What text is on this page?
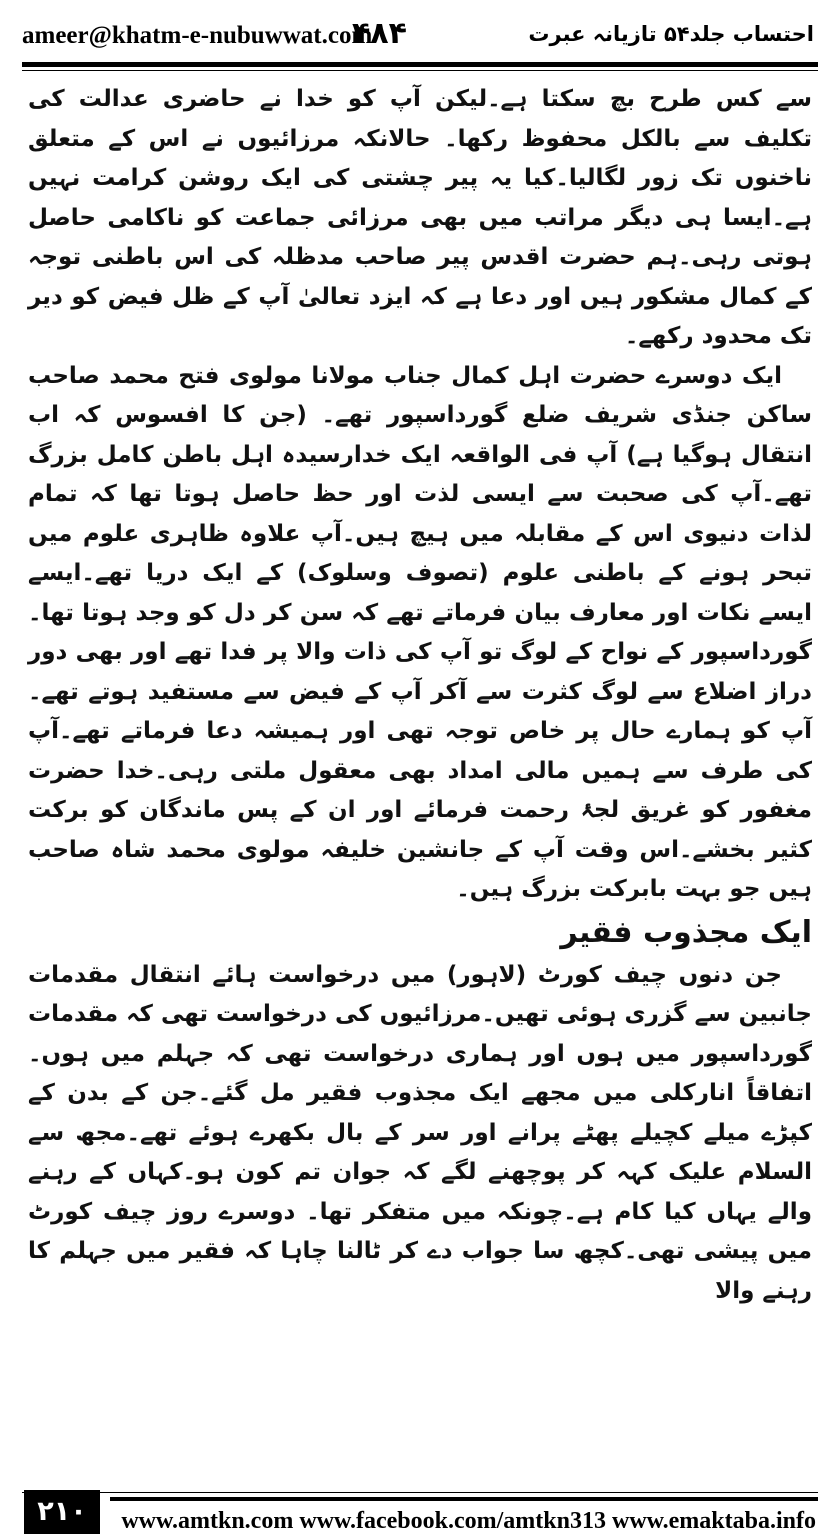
ameer@khatm-e-nubuwwat.com
۴۸۴	احتساب جلد۵۴ تازیانہ عبرت

سے کس طرح بچ سکتا ہے۔لیکن آپ کو خدا نے حاضری عدالت کی تکلیف سے بالکل محفوظ رکھا۔ حالانکہ مرزائیوں نے اس کے متعلق ناخنوں تک زور لگالیا۔کیا یہ پیر چشتی کی ایک روشن کرامت نہیں ہے۔ایسا ہی دیگر مراتب میں بھی مرزائی جماعت کو ناکامی حاصل ہوتی رہی۔ہم حضرت اقدس پیر صاحب مدظلہ کی اس باطنی توجہ کے کمال مشکور ہیں اور دعا ہے کہ ایزد تعالیٰ آپ کے ظل فیض کو دیر تک محدود رکھے۔

ایک دوسرے حضرت اہل کمال جناب مولانا مولوی فتح محمد صاحب ساکن جنڈی شریف ضلع گورداسپور تھے۔ (جن کا افسوس کہ اب انتقال ہوگیا ہے) آپ فی الواقعہ ایک خدارسیدہ اہل باطن کامل بزرگ تھے۔آپ کی صحبت سے ایسی لذت اور حظ حاصل ہوتا تھا کہ تمام لذات دنیوی اس کے مقابلہ میں ہیچ ہیں۔آپ علاوہ ظاہری علوم میں تبحر ہونے کے باطنی علوم (تصوف وسلوک) کے ایک دریا تھے۔ایسے ایسے نکات اور معارف بیان فرماتے تھے کہ سن کر دل کو وجد ہوتا تھا۔گورداسپور کے نواح کے لوگ تو آپ کی ذات والا پر فدا تھے اور بھی دور دراز اضلاع سے لوگ کثرت سے آکر آپ کے فیض سے مستفید ہوتے تھے۔آپ کو ہمارے حال پر خاص توجہ تھی اور ہمیشہ دعا فرماتے تھے۔آپ کی طرف سے ہمیں مالی امداد بھی معقول ملتی رہی۔خدا حضرت مغفور کو غریق لجۂ رحمت فرمائے اور ان کے پس ماندگان کو برکت کثیر بخشے۔اس وقت آپ کے جانشین خلیفہ مولوی محمد شاہ صاحب ہیں جو بہت بابرکت بزرگ ہیں۔

ایک مجذوب فقیر

جن دنوں چیف کورٹ (لاہور) میں درخواست ہائے انتقال مقدمات جانبین سے گزری ہوئی تھیں۔مرزائیوں کی درخواست تھی کہ مقدمات گورداسپور میں ہوں اور ہماری درخواست تھی کہ جہلم میں ہوں۔اتفاقاً انارکلی میں مجھے ایک مجذوب فقیر مل گئے۔جن کے بدن کے کپڑے میلے کچیلے پھٹے پرانے اور سر کے بال بکھرے ہوئے تھے۔مجھ سے السلام علیک کہہ کر پوچھنے لگے کہ جوان تم کون ہو۔کہاں کے رہنے والے یہاں کیا کام ہے۔چونکہ میں متفکر تھا۔ دوسرے روز چیف کورٹ میں پیشی تھی۔کچھ سا جواب دے کر ٹالنا چاہا کہ فقیر میں جہلم کا رہنے والا

۲۱۰	www.amtkn.com www.facebook.com/amtkn313 www.emaktaba.info
